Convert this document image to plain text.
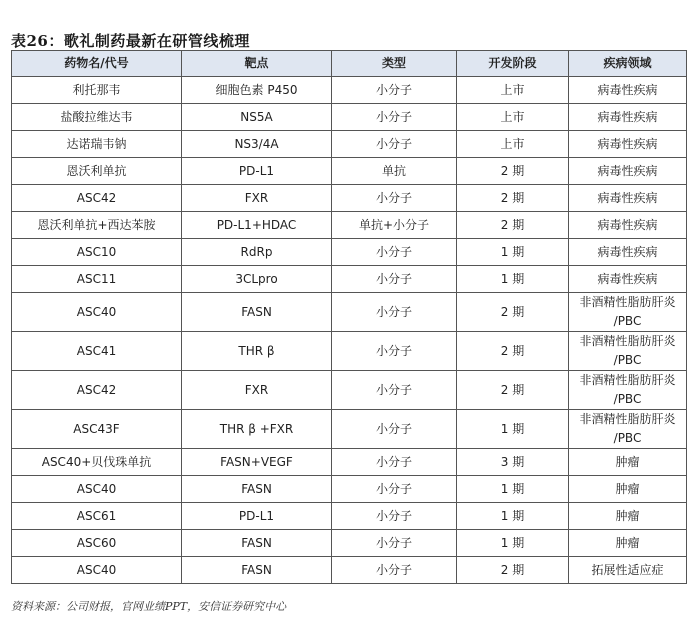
表26：歌礼制药最新在研管线梳理
药物名/代号	靶点	类型	开发阶段	疾病领域
利托那韦	细胞色素 P450	小分子	上市	病毒性疾病
盐酸拉维达韦	NS5A	小分子	上市	病毒性疾病
达诺瑞韦钠	NS3/4A	小分子	上市	病毒性疾病
恩沃利单抗	PD-L1	单抗	2 期	病毒性疾病
ASC42	FXR	小分子	2 期	病毒性疾病
恩沃利单抗+西达苯胺	PD-L1+HDAC	单抗+小分子	2 期	病毒性疾病
ASC10	RdRp	小分子	1 期	病毒性疾病
ASC11	3CLpro	小分子	1 期	病毒性疾病
ASC40	FASN	小分子	2 期	非酒精性脂肪肝炎
/PBC
ASC41	THR β	小分子	2 期	非酒精性脂肪肝炎
/PBC
ASC42	FXR	小分子	2 期	非酒精性脂肪肝炎
/PBC
ASC43F	THR β +FXR	小分子	1 期	非酒精性脂肪肝炎
/PBC
ASC40+贝伐珠单抗	FASN+VEGF	小分子	3 期	肿瘤
ASC40	FASN	小分子	1 期	肿瘤
ASC61	PD-L1	小分子	1 期	肿瘤
ASC60	FASN	小分子	1 期	肿瘤
ASC40	FASN	小分子	2 期	拓展性适应症
资料来源：公司财报，官网业绩PPT，安信证券研究中心
